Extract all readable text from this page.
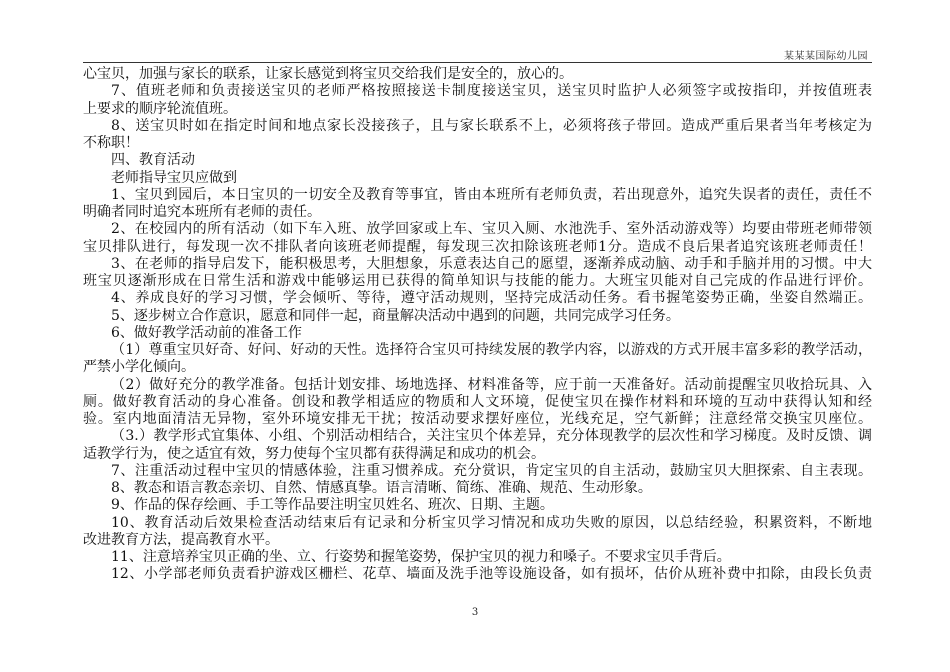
某某某国际幼儿园
心宝贝，加强与家长的联系，让家长感觉到将宝贝交给我们是安全的，放心的。
7、值班老师和负责接送宝贝的老师严格按照接送卡制度接送宝贝，送宝贝时监护人必须签字或按指印，并按值班表
上要求的顺序轮流值班。
8、送宝贝时如在指定时间和地点家长没接孩子，且与家长联系不上，必须将孩子带回。造成严重后果者当年考核定为
不称职！
四、教育活动
老师指导宝贝应做到
1、宝贝到园后，本日宝贝的一切安全及教育等事宜，皆由本班所有老师负责，若出现意外，追究失误者的责任，责任不
明确者同时追究本班所有老师的责任。
2、在校园内的所有活动（如下车入班、放学回家或上车、宝贝入厕、水池洗手、室外活动游戏等）均要由带班老师带领
宝贝排队进行，每发现一次不排队者向该班老师提醒，每发现三次扣除该班老师1分。造成不良后果者追究该班老师责任！
3、在老师的指导启发下，能积极思考，大胆想象，乐意表达自己的愿望，逐渐养成动脑、动手和手脑并用的习惯。中大
班宝贝逐渐形成在日常生活和游戏中能够运用已获得的简单知识与技能的能力。大班宝贝能对自己完成的作品进行评价。
4、养成良好的学习习惯，学会倾听、等待，遵守活动规则，坚持完成活动任务。看书握笔姿势正确，坐姿自然端正。
5、逐步树立合作意识，愿意和同伴一起，商量解决活动中遇到的问题，共同完成学习任务。
6、做好教学活动前的准备工作
（1）尊重宝贝好奇、好问、好动的天性。选择符合宝贝可持续发展的教学内容，以游戏的方式开展丰富多彩的教学活动，
严禁小学化倾向。
（2）做好充分的教学准备。包括计划安排、场地选择、材料准备等，应于前一天准备好。活动前提醒宝贝收拾玩具、入
厕。做好教育活动的身心准备。创设和教学相适应的物质和人文环境，促使宝贝在操作材料和环境的互动中获得认知和经
验。室内地面清洁无异物，室外环境安排无干扰；按活动要求摆好座位，光线充足，空气新鲜；注意经常交换宝贝座位。
（3.）教学形式宜集体、小组、个别活动相结合，关注宝贝个体差异，充分体现教学的层次性和学习梯度。及时反馈、调
适教学行为，使之适宜有效，努力使每个宝贝都有获得满足和成功的机会。
7、注重活动过程中宝贝的情感体验，注重习惯养成。充分赏识，肯定宝贝的自主活动，鼓励宝贝大胆探索、自主表现。
8、教态和语言教态亲切、自然、情感真挚。语言清晰、简练、准确、规范、生动形象。
9、作品的保存绘画、手工等作品要注明宝贝姓名、班次、日期、主题。
10、教育活动后效果检查活动结束后有记录和分析宝贝学习情况和成功失败的原因，以总结经验，积累资料，不断地
改进教育方法，提高教育水平。
11、注意培养宝贝正确的坐、立、行姿势和握笔姿势，保护宝贝的视力和嗓子。不要求宝贝手背后。
12、小学部老师负责看护游戏区栅栏、花草、墙面及洗手池等设施设备，如有损坏，估价从班补费中扣除，由段长负责
3
